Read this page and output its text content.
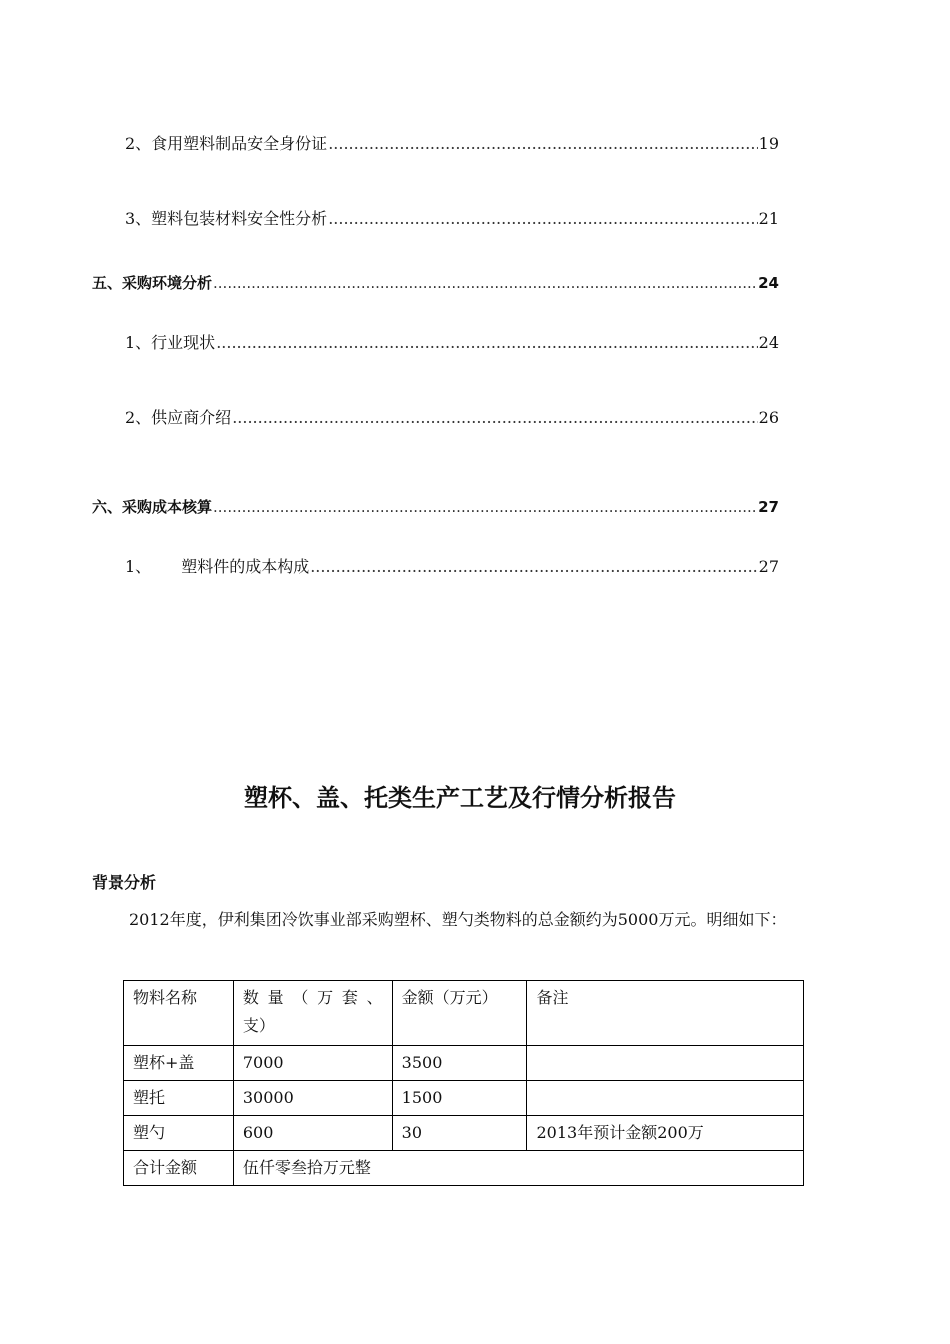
2、食用塑料制品安全身份证 .....	19
3、塑料包装材料安全性分析 .....	21
五、采购环境分析 .....	24
1、行业现状 .....	24
2、供应商介绍 .....	26
六、采购成本核算 .....	27
1、 塑料件的成本构成 .....	27
塑杯、盖、托类生产工艺及行情分析报告
背景分析
2012年度，伊利集团冷饮事业部采购塑杯、塑勺类物料的总金额约为5000万元。明细如下：
物料名称	数 量 （ 万 套 、 支）	金额（万元）	备注
塑杯+盖	7000	3500	
塑托	30000	1500	
塑勺	600	30	2013年预计金额200万
合计金额	伍仟零叁拾万元整		
